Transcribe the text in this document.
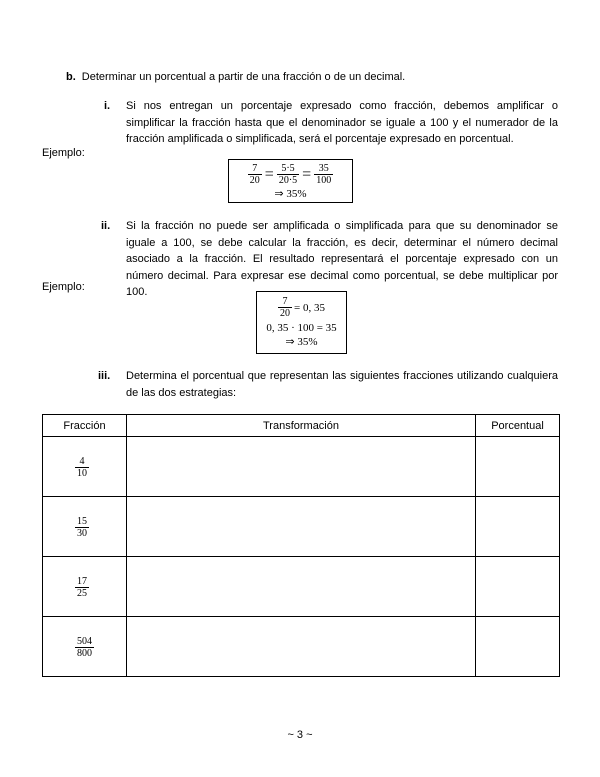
b. Determinar un porcentual a partir de una fracción o de un decimal.
i. Si nos entregan un porcentaje expresado como fracción, debemos amplificar o simplificar la fracción hasta que el denominador se iguale a 100 y el numerador de la fracción amplificada o simplificada, será el porcentaje expresado en porcentual.
Ejemplo:
$\frac{7}{20} = \frac{5\cdot 5}{20\cdot 5} = \frac{35}{100}$
⇒ 35%
ii. Si la fracción no puede ser amplificada o simplificada para que su denominador se iguale a 100, se debe calcular la fracción, es decir, determinar el número decimal asociado a la fracción. El resultado representará el porcentaje expresado con un número decimal. Para expresar ese decimal como porcentual, se debe multiplicar por 100.
Ejemplo:
$\frac{7}{20} = 0$, 35
0, 35 · 100 = 35
⇒ 35%
iii. Determina el porcentual que representan las siguientes fracciones utilizando cualquiera de las dos estrategias:
Fracción	Transformación	Porcentual

$\frac{4}{10}$

$\frac{15}{30}$

$\frac{17}{25}$

$\frac{504}{800}$

~ 3 ~
